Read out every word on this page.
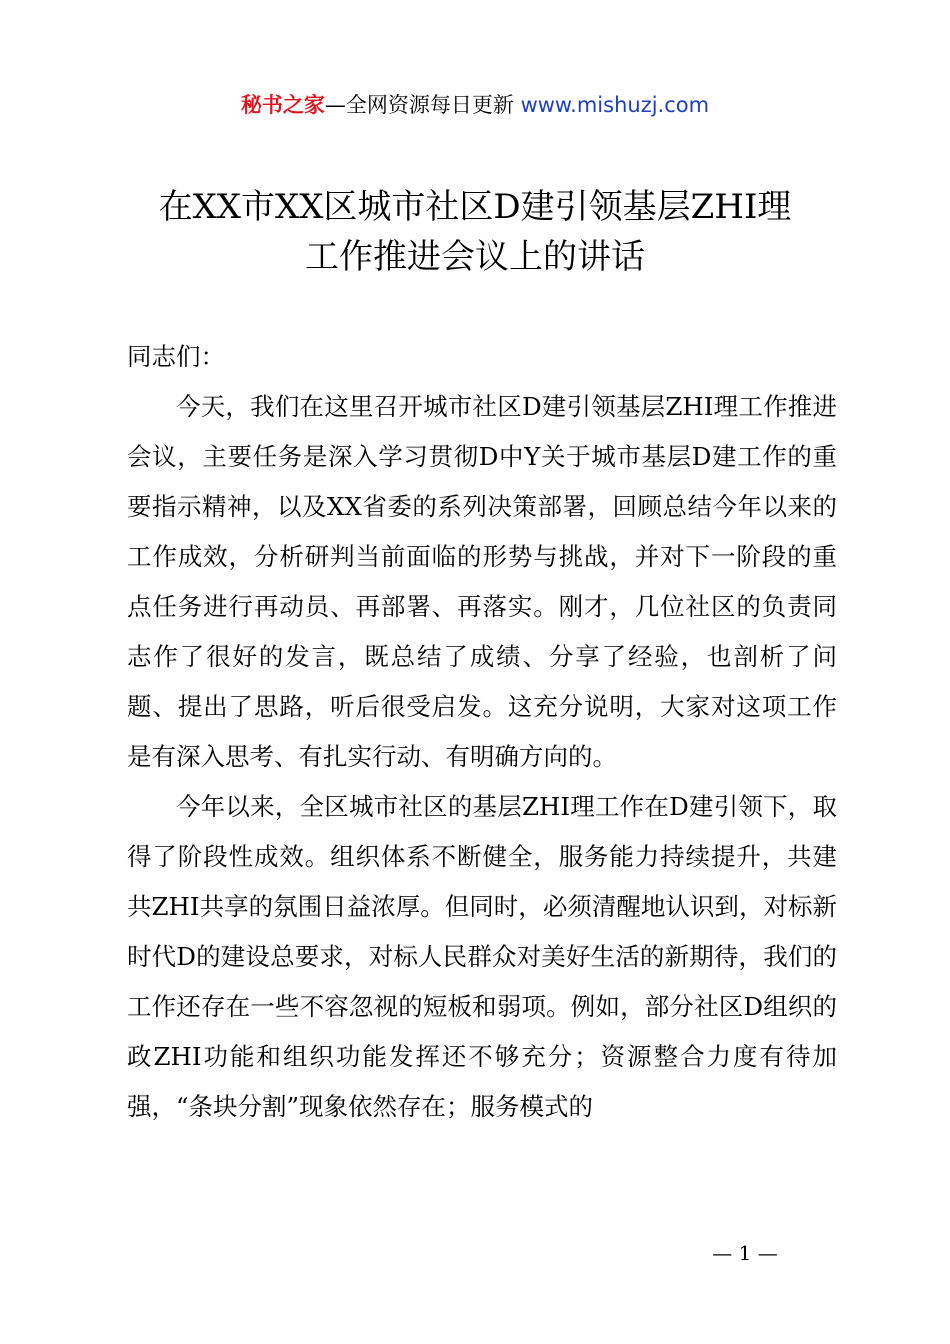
秘书之家—全网资源每日更新 www.mishuzj.com
在XX市XX区城市社区D建引领基层ZHI理
工作推进会议上的讲话

同志们：

今天，我们在这里召开城市社区D建引领基层ZHI理工作推进会议，主要任务是深入学习贯彻D中Y关于城市基层D建工作的重要指示精神，以及XX省委的系列决策部署，回顾总结今年以来的工作成效，分析研判当前面临的形势与挑战，并对下一阶段的重点任务进行再动员、再部署、再落实。刚才，几位社区的负责同志作了很好的发言，既总结了成绩、分享了经验，也剖析了问题、提出了思路，听后很受启发。这充分说明，大家对这项工作是有深入思考、有扎实行动、有明确方向的。

今年以来，全区城市社区的基层ZHI理工作在D建引领下，取得了阶段性成效。组织体系不断健全，服务能力持续提升，共建共ZHI共享的氛围日益浓厚。但同时，必须清醒地认识到，对标新时代D的建设总要求，对标人民群众对美好生活的新期待，我们的工作还存在一些不容忽视的短板和弱项。例如，部分社区D组织的政ZHI功能和组织功能发挥还不够充分；资源整合力度有待加强，“条块分割”现象依然存在；服务模式的

— 1 —
